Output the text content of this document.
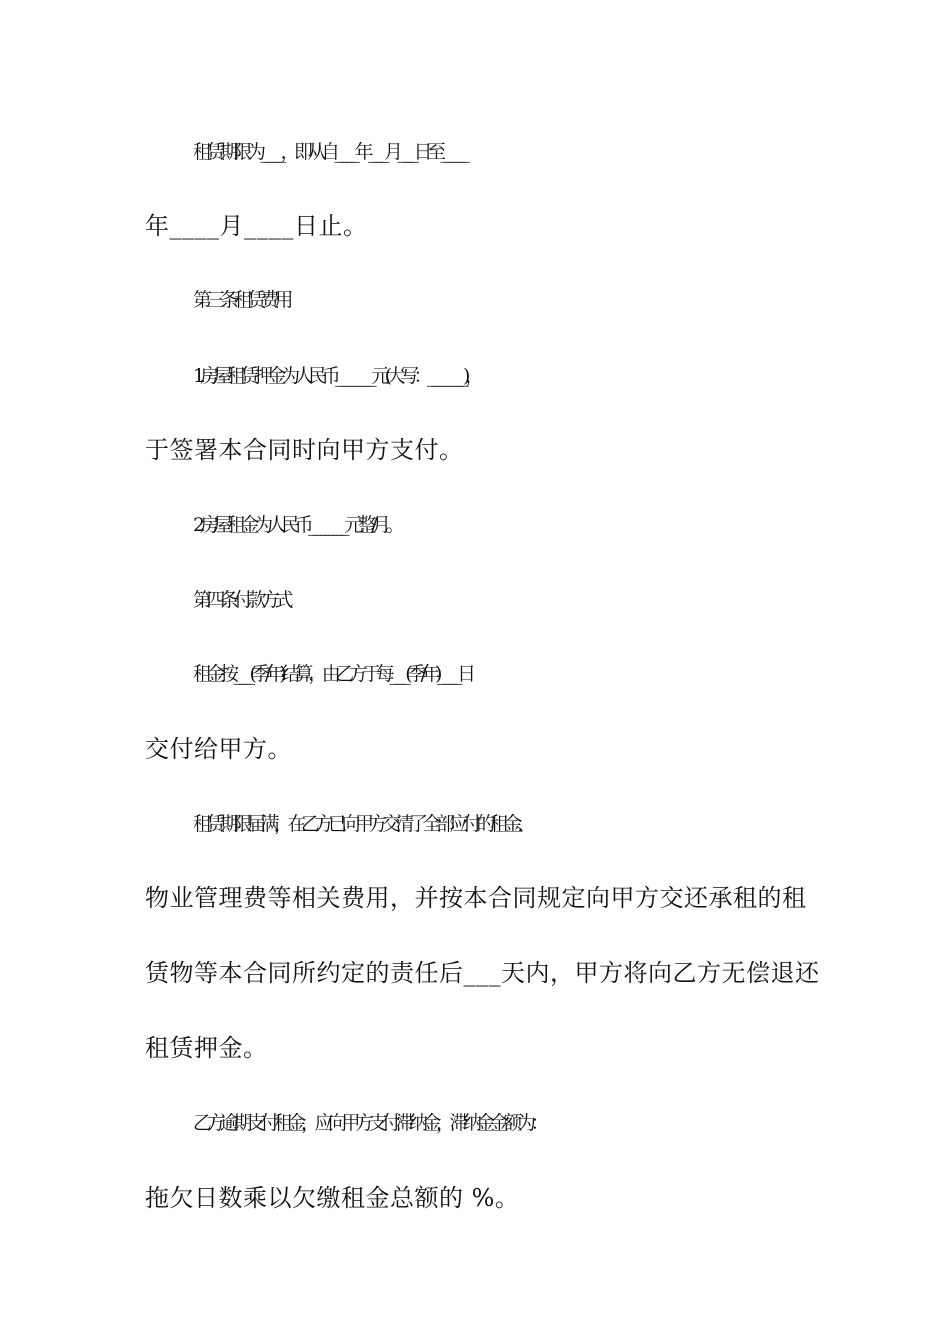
租赁期限为_____，即从自_____年____月____日至______
年____月____日止。
第三条 租赁费用
1.房屋租赁押金为人民币_________元(大写：_________)，
于签署本合同时向甲方支付。
2.房屋租金为人民币_________元整/月。
第四条 付款方式
租金按____(季/年)结算，由乙方于每____(季/年)_____日
交付给甲方。
租赁期限届满，在乙方已向甲方交清了全部应付的租金、
物业管理费等相关费用，并按本合同规定向甲方交还承租的租
赁物等本合同所约定的责任后___天内，甲方将向乙方无偿退还
租赁押金。
乙方逾期支付租金，应向甲方支付滞纳金，滞纳金金额为：
拖欠日数乘以欠缴租金总额的 %。
